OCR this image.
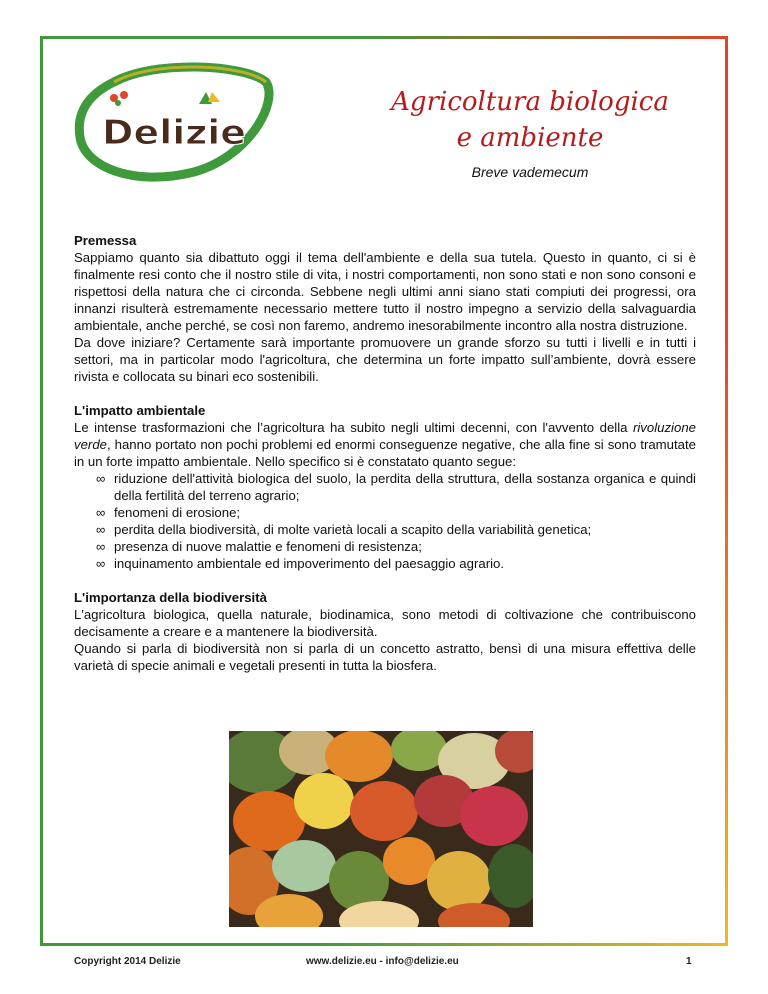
Delizie
Agricoltura biologica
e ambiente
Breve vademecum
Premessa

Sappiamo quanto sia dibattuto oggi il tema dell'ambiente e della sua tutela. Questo in quanto, ci si è finalmente resi conto che il nostro stile di vita, i nostri comportamenti, non sono stati e non sono consoni e rispettosi della natura che ci circonda. Sebbene negli ultimi anni siano stati compiuti dei progressi, ora innanzi risulterà estremamente necessario mettere tutto il nostro impegno a servizio della salvaguardia ambientale, anche perché, se così non faremo, andremo inesorabilmente incontro alla nostra distruzione.

Da dove iniziare? Certamente sarà importante promuovere un grande sforzo su tutti i livelli e in tutti i settori, ma in particolar modo l'agricoltura, che determina un forte impatto sull’ambiente, dovrà essere rivista e collocata su binari eco sostenibili.

L'impatto ambientale

Le intense trasformazioni che l’agricoltura ha subito negli ultimi decenni, con l'avvento della rivoluzione verde, hanno portato non pochi problemi ed enormi conseguenze negative, che alla fine si sono tramutate in un forte impatto ambientale. Nello specifico si è constatato quanto segue:

∞ riduzione dell'attività biologica del suolo, la perdita della struttura, della sostanza organica e quindi della fertilità del terreno agrario;
∞ fenomeni di erosione;
∞ perdita della biodiversità, di molte varietà locali a scapito della variabilità genetica;
∞ presenza di nuove malattie e fenomeni di resistenza;
∞ inquinamento ambientale ed impoverimento del paesaggio agrario.
L'importanza della biodiversità

L'agricoltura biologica, quella naturale, biodinamica, sono metodi di coltivazione che contribuiscono decisamente a creare e a mantenere la biodiversità.

Quando si parla di biodiversità non si parla di un concetto astratto, bensì di una misura effettiva delle varietà di specie animali e vegetali presenti in tutta la biosfera.

Copyright 2014 Delizie	www.delizie.eu - info@delizie.eu	1
